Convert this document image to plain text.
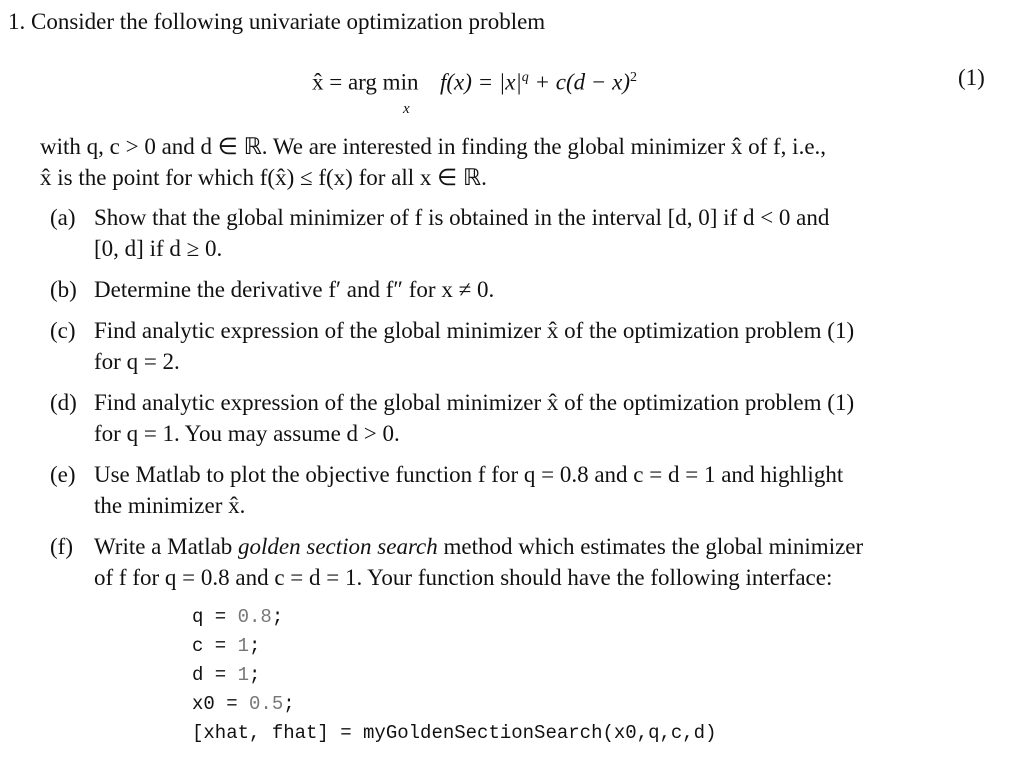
1. Consider the following univariate optimization problem
x̂ = arg $\min f(x) = |x|^q + c(d - x)^2$
x
(1)
with q, c > 0 and d ∈ ℝ. We are interested in finding the global minimizer x̂ of f, i.e.,
x̂ is the point for which f(x̂) ≤ f(x) for all x ∈ ℝ.
(a) Show that the global minimizer of f is obtained in the interval [d, 0] if d < 0 and
[0, d] if d ≥ 0.
(b) Determine the derivative f′ and f″ for x ≠ 0.
(c) Find analytic expression of the global minimizer x̂ of the optimization problem (1)
for q = 2.
(d) Find analytic expression of the global minimizer x̂ of the optimization problem (1)
for q = 1. You may assume d > 0.
(e) Use Matlab to plot the objective function f for q = 0.8 and c = d = 1 and highlight
the minimizer x̂.
(f) Write a Matlab golden section search method which estimates the global minimizer
of f for q = 0.8 and c = d = 1. Your function should have the following interface:
q = 0.8;
c = 1;
d = 1;
x0 = 0.5;
[xhat, fhat] = myGoldenSectionSearch(x0,q,c,d)
